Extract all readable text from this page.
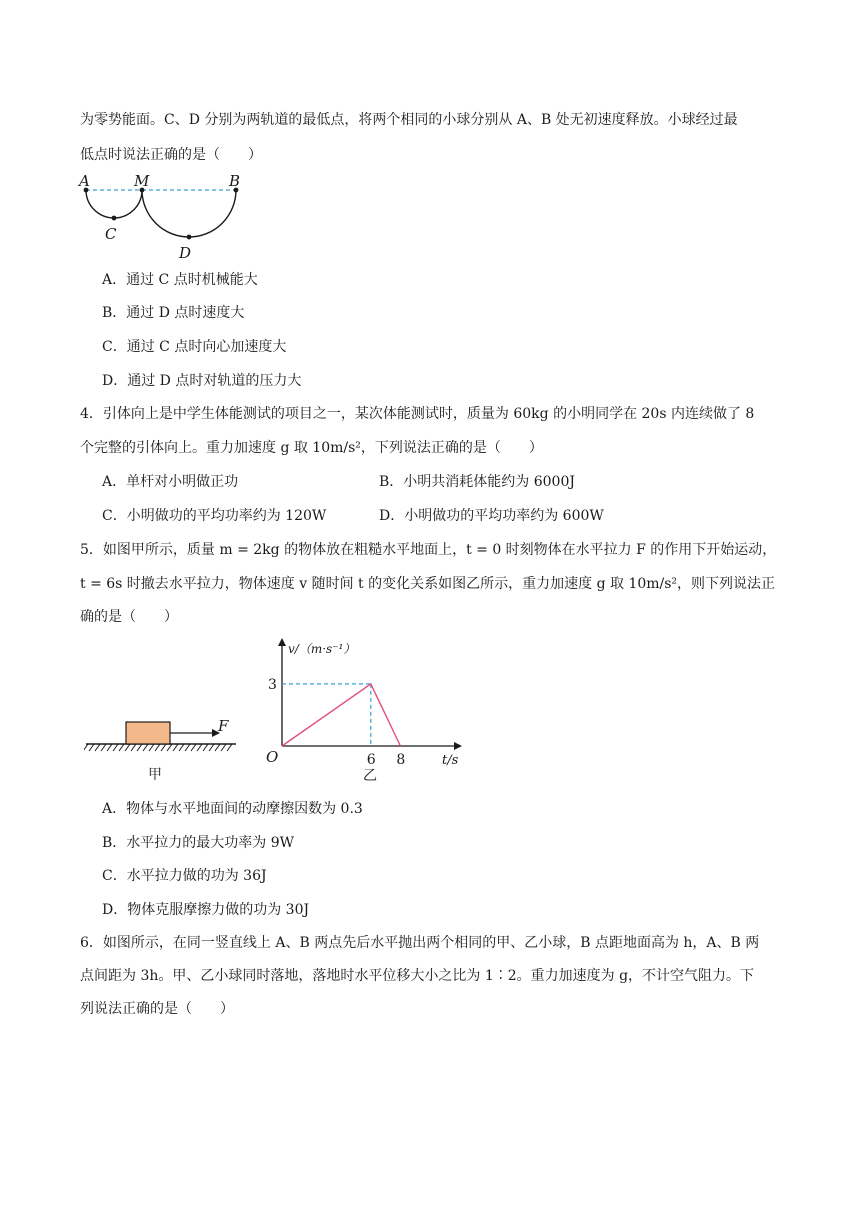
为零势能面。C、D 分别为两轨道的最低点，将两个相同的小球分别从 A、B 处无初速度释放。小球经过最
低点时说法正确的是（　　）
A	M	B
C
D
A．通过 C 点时机械能大
B．通过 D 点时速度大
C．通过 C 点时向心加速度大
D．通过 D 点时对轨道的压力大
4．引体向上是中学生体能测试的项目之一，某次体能测试时，质量为 60kg 的小明同学在 20s 内连续做了 8
个完整的引体向上。重力加速度 g 取 10m/s²，下列说法正确的是（　　）
A．单杆对小明做正功	B．小明共消耗体能约为 6000J
C．小明做功的平均功率约为 120W	D．小明做功的平均功率约为 600W
5．如图甲所示，质量 m = 2kg 的物体放在粗糙水平地面上，t = 0 时刻物体在水平拉力 F 的作用下开始运动，
t = 6s 时撤去水平拉力，物体速度 v 随时间 t 的变化关系如图乙所示，重力加速度 g 取 10m/s²，则下列说法正
确的是（　　）
F
甲
v/（m·s⁻¹）
3
6 8
O	t/s
乙
A．物体与水平地面间的动摩擦因数为 0.3
B．水平拉力的最大功率为 9W
C．水平拉力做的功为 36J
D．物体克服摩擦力做的功为 30J
6．如图所示，在同一竖直线上 A、B 两点先后水平抛出两个相同的甲、乙小球，B 点距地面高为 h，A、B 两
点间距为 3h。甲、乙小球同时落地，落地时水平位移大小之比为 1∶2。重力加速度为 g，不计空气阻力。下
列说法正确的是（　　）
